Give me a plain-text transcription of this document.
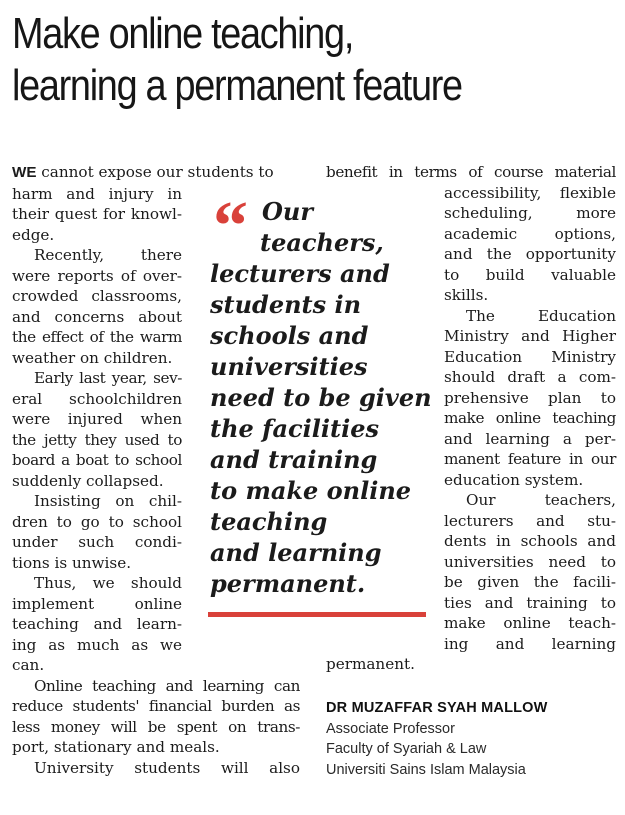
Make online teaching,
learning a permanent feature

WE cannot expose our students to
harm and injury in
their quest for knowl-
edge.

Recently, there
were reports of over-
crowded classrooms,
and concerns about
the effect of the warm
weather on children.

Early last year, sev-
eral schoolchildren
were injured when
the jetty they used to
board a boat to school
suddenly collapsed.

Insisting on chil-
dren to go to school
under such condi-
tions is unwise.

Thus, we should
implement online
teaching and learn-
ing as much as we
can.

Online teaching and learning can
reduce students' financial burden as
less money will be spent on trans-
port, stationary and meals.

University students will also

“ Our
teachers,
lecturers and
students in
schools and
universities
need to be given
the facilities
and training
to make online
teaching
and learning
permanent.

benefit in terms of course material
accessibility, flexible
scheduling, more
academic options,
and the opportunity
to build valuable
skills.

The Education
Ministry and Higher
Education Ministry
should draft a com-
prehensive plan to
make online teaching
and learning a per-
manent feature in our
education system.

Our teachers,
lecturers and stu-
dents in schools and
universities need to
be given the facili-
ties and training to
make online teach-
ing and learning
permanent.

DR MUZAFFAR SYAH MALLOW
Associate Professor
Faculty of Syariah & Law
Universiti Sains Islam Malaysia
